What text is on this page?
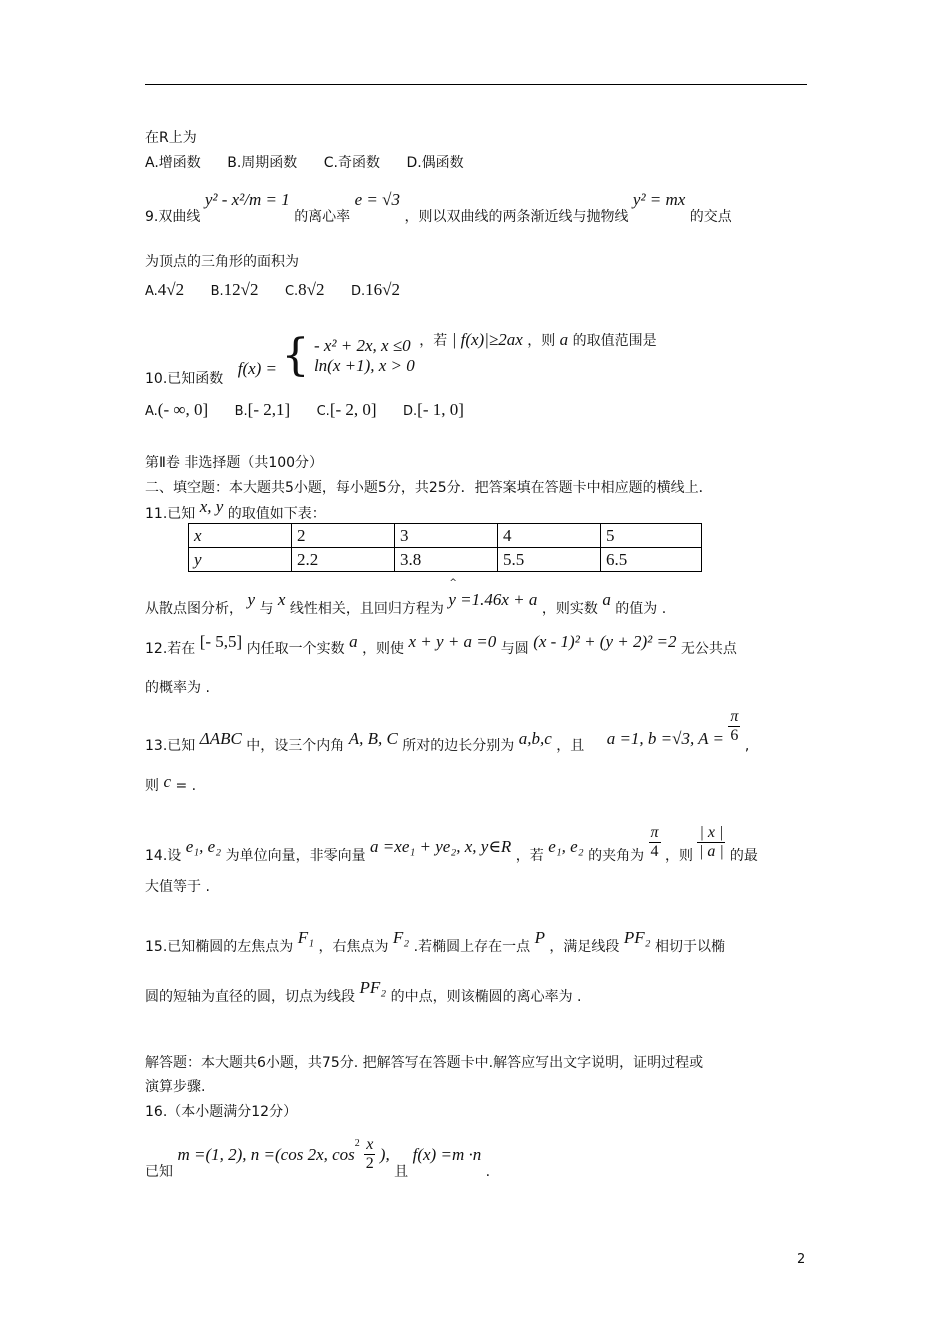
在R上为
A.增函数 B.周期函数 C.奇函数 D.偶函数
9.双曲线 y² - x²/m = 1 的离心率 e = √3 ，则以双曲线的两条渐近线与抛物线 y² = mx 的交点
为顶点的三角形的面积为
A.4√2 B.12√2 C.8√2 D.16√2
10.已知函数 f(x) = { - x² + 2x, x ≤0
ln(x +1), x > 0
，若 | f(x)|≥2ax ，则 a 的取值范围是
A.(- ∞, 0] B.[- 2,1] C.[- 2, 0] D.[- 1, 0]
第Ⅱ卷 非选择题（共100分）
二、填空题：本大题共5小题，每小题5分，共25分．把答案填在答题卡中相应题的横线上．
11.已知 x, y 的取值如下表：
x	2	3	4	5
y	2.2	3.8	5.5	6.5
从散点图分析， y 与 x 线性相关，且回归方程为
^
y =1.46x + a ，则实数 a 的值为 .
12.若在 [- 5,5] 内任取一个实数 a ，则使 x + y + a =0 与圆 (x - 1)² + (y + 2)² =2 无公共点
的概率为 .
13.已知 ΔABC 中，设三个内角 A, B, C 所对的边长分别为 a,b,c ，且 a =1, b =√3, $A = \frac{\pi}{6}$
,
则 c = .
14.设 e₁, e₂ 为单位向量，非零向量 a =xe₁ + ye₂, x, y∈R ，若 e₁, e₂ 的夹角为 $\frac{\pi}{4}$ ，则 $\frac{| x |}{| a |}$ 的最
大值等于 .
15.已知椭圆的左焦点为 F₁ ，右焦点为 F₂ .若椭圆上存在一点 P ，满足线段 PF₂ 相切于以椭
圆的短轴为直径的圆，切点为线段 PF₂ 的中点，则该椭圆的离心率为 .
解答题：本大题共6小题，共75分. 把解答写在答题卡中.解答应写出文字说明，证明过程或
演算步骤.
16.（本小题满分12分）
已知 m =(1, 2), n =(cos 2x, $\cos^2 \frac{x}{2}$ ), 且 f(x) =m ·n .
2
